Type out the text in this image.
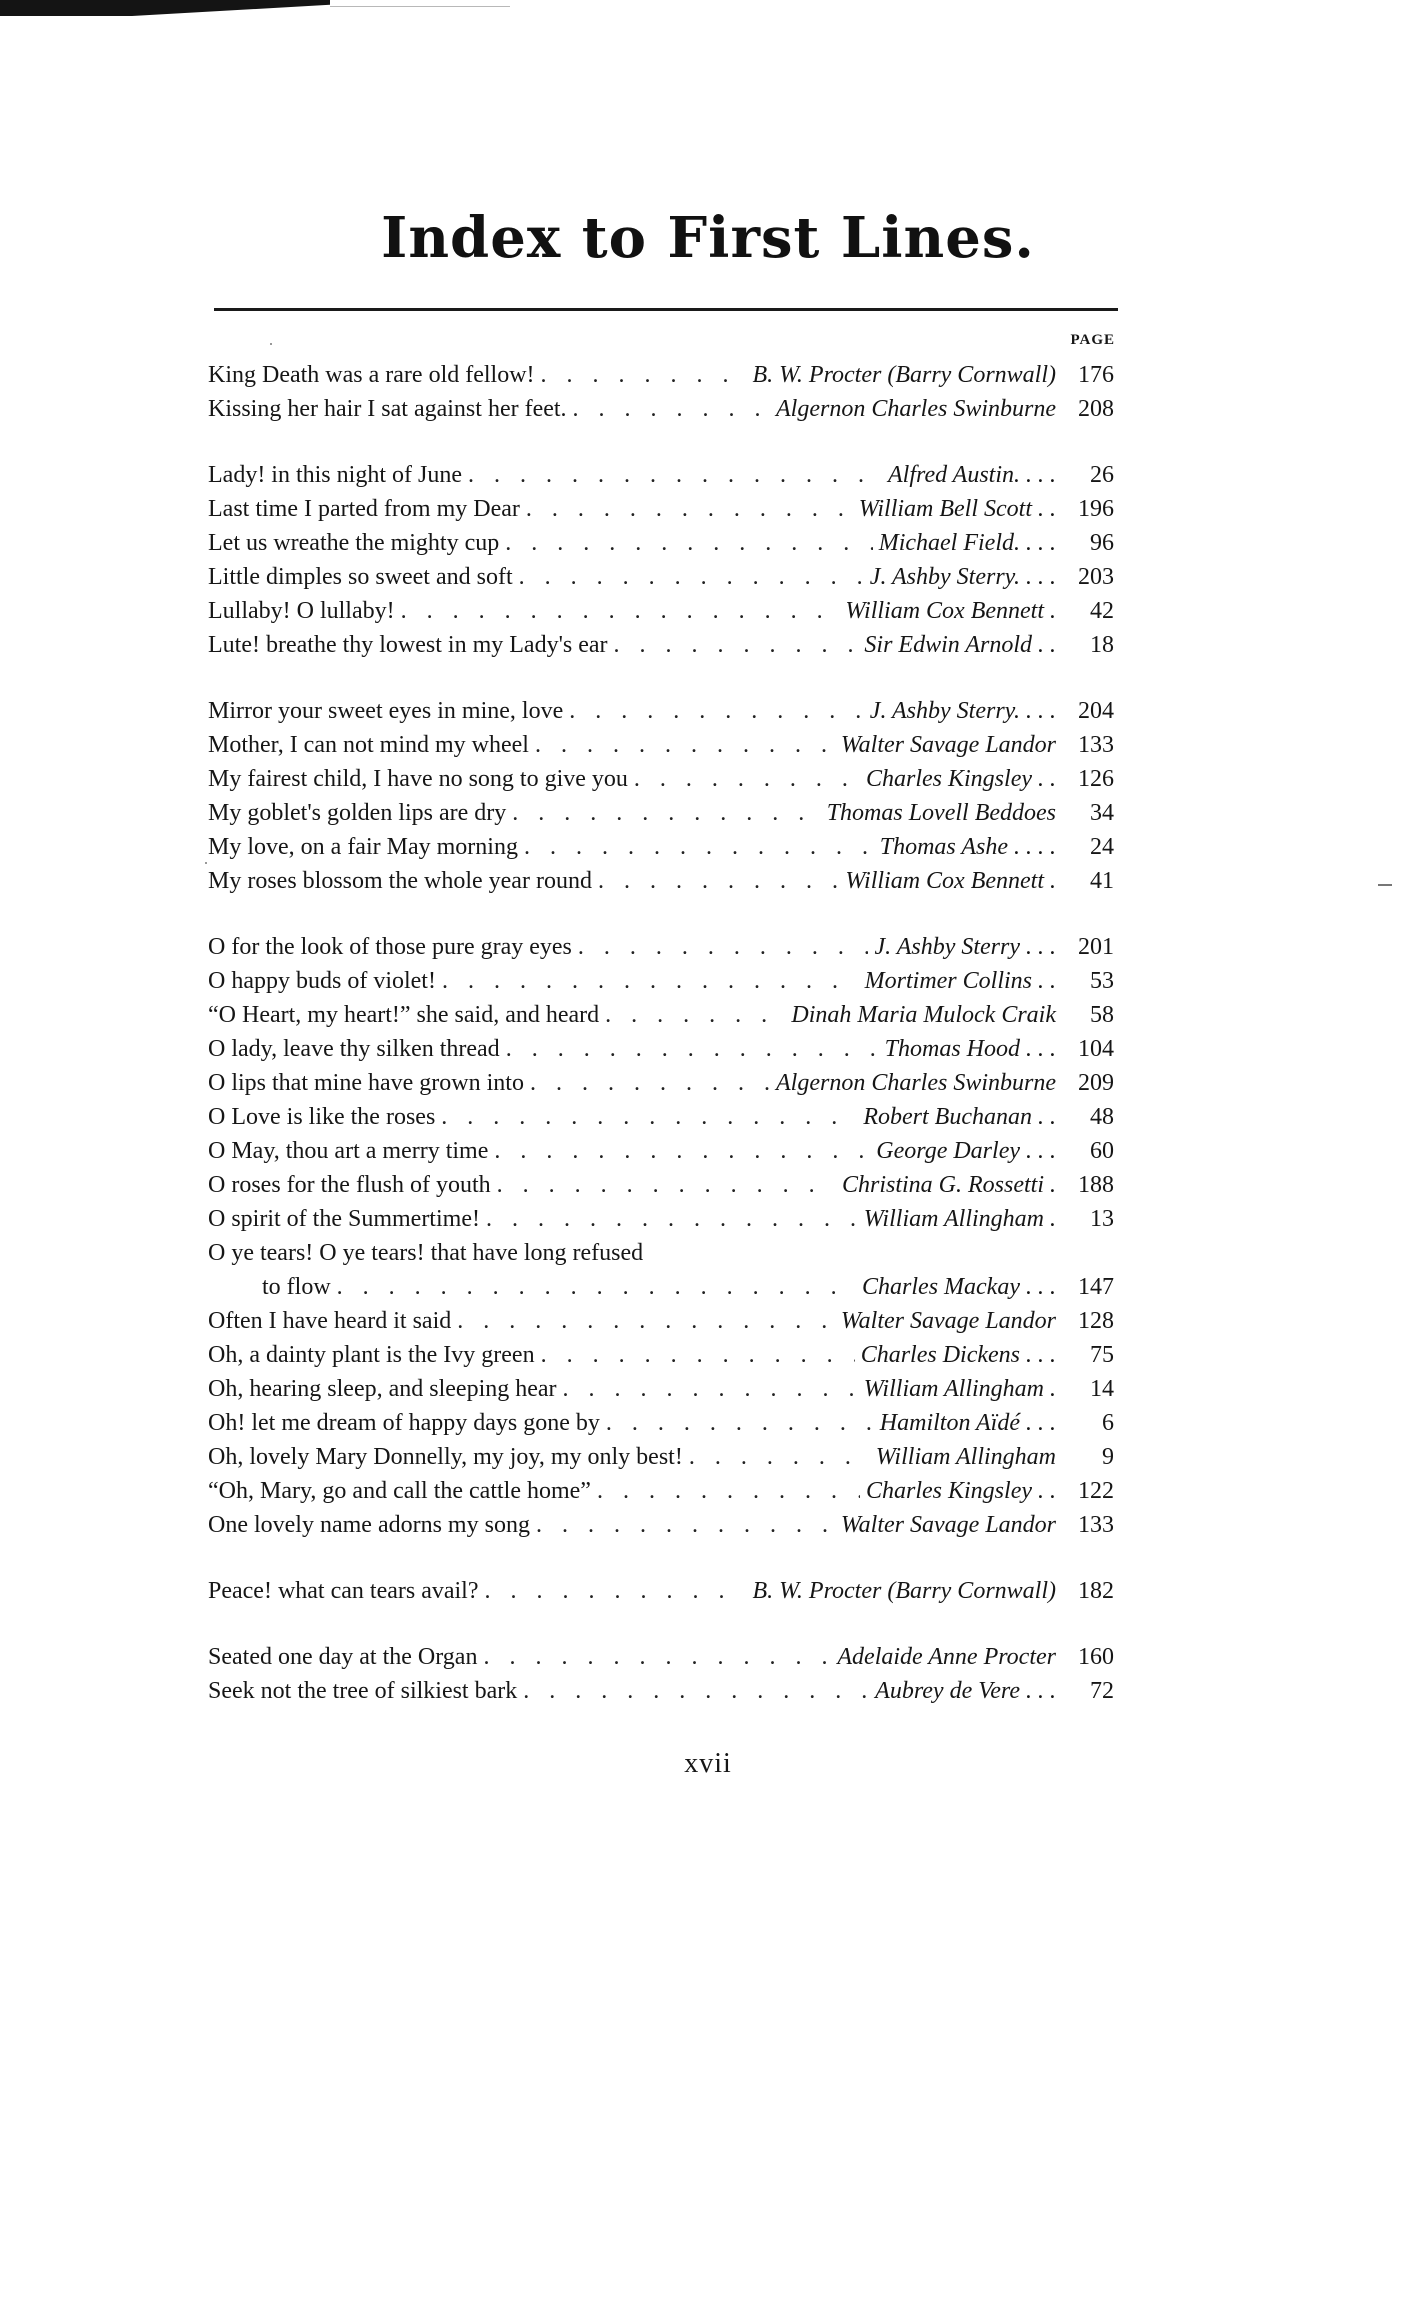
Index to First Lines.
PAGE
King Death was a rare old fellow! . . .	B. W. Procter (Barry Cornwall) 176
Kissing her hair I sat against her feet. . . .	Algernon Charles Swinburne 208
Lady! in this night of June . . .	Alfred Austin. . . .	26
Last time I parted from my Dear . . .	William Bell Scott . . 196
Let us wreathe the mighty cup . . .	Michael Field. . . .	96
Little dimples so sweet and soft . . .	J. Ashby Sterry. . . . 203
Lullaby! O lullaby! . . .	William Cox Bennett .	42
Lute! breathe thy lowest in my Lady's ear . . .	Sir Edwin Arnold . .	18
Mirror your sweet eyes in mine, love . . .	J. Ashby Sterry. . . . 204
Mother, I can not mind my wheel . . .	Walter Savage Landor 133
My fairest child, I have no song to give you . . .	Charles Kingsley . . 126
My goblet's golden lips are dry . . .	Thomas Lovell Beddoes	34
My love, on a fair May morning . . .	Thomas Ashe . . . .	24
My roses blossom the whole year round . . .	William Cox Bennett .	41
O for the look of those pure gray eyes . . .	J. Ashby Sterry . . . 201
O happy buds of violet! . . .	Mortimer Collins . .	53
“O Heart, my heart!” she said, and heard . . .	Dinah Maria Mulock Craik	58
O lady, leave thy silken thread . . .	Thomas Hood . . . 104
O lips that mine have grown into . . .	Algernon Charles Swinburne 209
O Love is like the roses . . .	Robert Buchanan . .	48
O May, thou art a merry time . . .	George Darley . . .	60
O roses for the flush of youth . . .	Christina G. Rossetti . 188
O spirit of the Summertime! . . .	William Allingham .	13
O ye tears! O ye tears! that have long refused
to flow . . .	Charles Mackay . . . 147
Often I have heard it said . . .	Walter Savage Landor 128
Oh, a dainty plant is the Ivy green . . .	Charles Dickens . . .	75
Oh, hearing sleep, and sleeping hear . . .	William Allingham .	14
Oh! let me dream of happy days gone by . . .	Hamilton Aïdé . . .	6
Oh, lovely Mary Donnelly, my joy, my only best! . . .	William Allingham	9
“Oh, Mary, go and call the cattle home” . . .	Charles Kingsley . . 122
One lovely name adorns my song . . .	Walter Savage Landor 133
Peace! what can tears avail? . . .	B. W. Procter (Barry Cornwall) 182
Seated one day at the Organ . . .	Adelaide Anne Procter 160
Seek not the tree of silkiest bark . . .	Aubrey de Vere . . .	72
xvii
